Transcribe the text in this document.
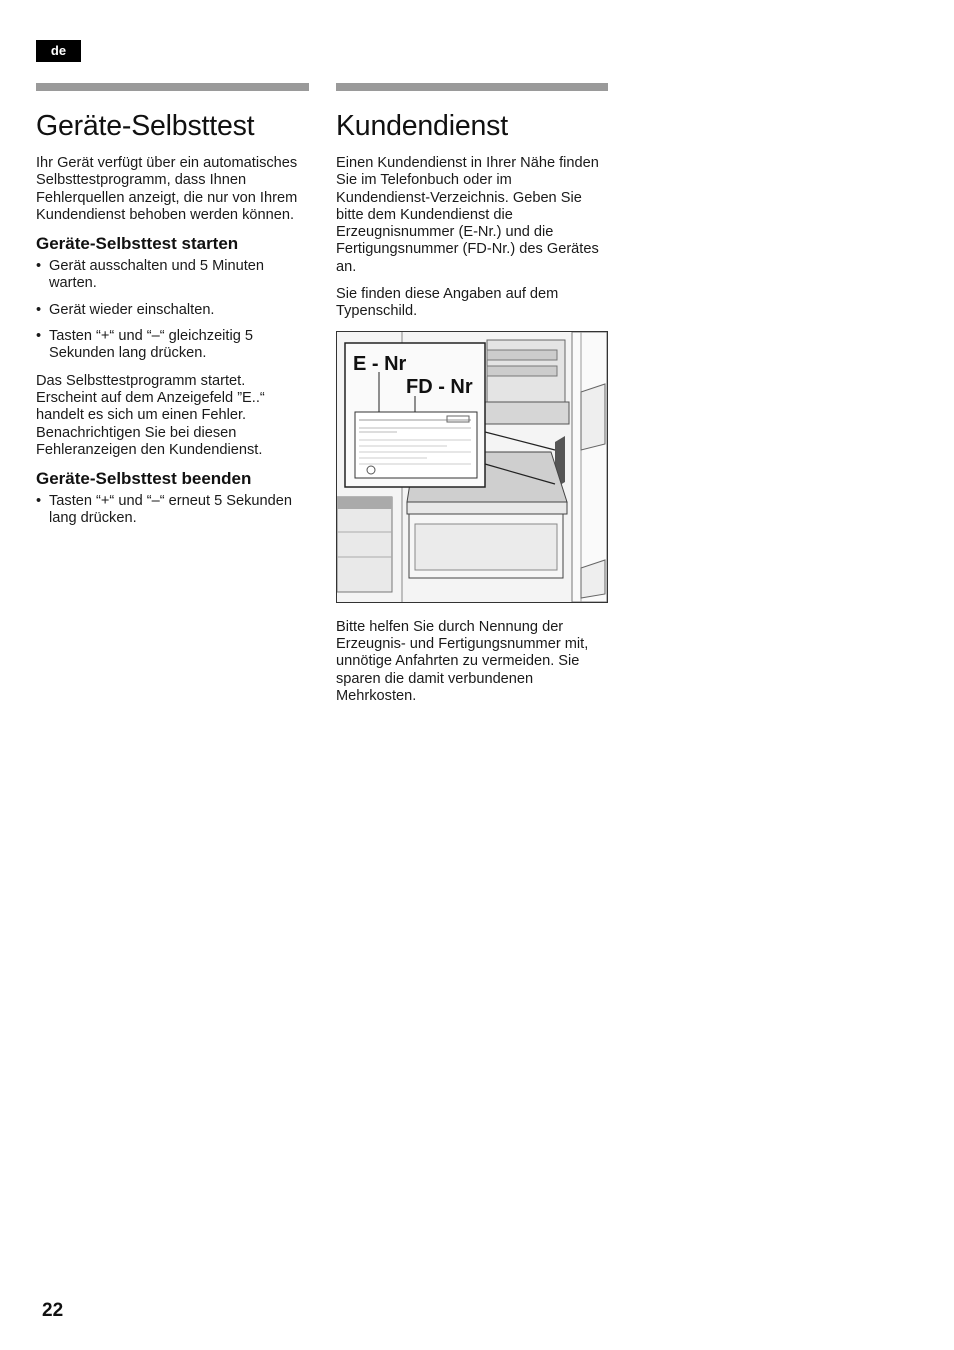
de
Geräte-Selbsttest

Ihr Gerät verfügt über ein automatisches Selbsttestprogramm, dass Ihnen Fehlerquellen anzeigt, die nur von Ihrem Kundendienst behoben werden können.

Geräte-Selbsttest starten
• Gerät ausschalten und 5 Minuten warten.
• Gerät wieder einschalten.
• Tasten “+“ und “–“ gleichzeitig 5 Sekunden lang drücken.

Das Selbsttestprogramm startet. Erscheint auf dem Anzeigefeld ”E..“ handelt es sich um einen Fehler. Benachrichtigen Sie bei diesen Fehleranzeigen den Kundendienst.

Geräte-Selbsttest beenden
• Tasten “+“ und “–“ erneut 5 Sekunden lang drücken.
Kundendienst

Einen Kundendienst in Ihrer Nähe finden Sie im Telefonbuch oder im Kundendienst-Verzeichnis. Geben Sie bitte dem Kundendienst die Erzeugnisnummer (E-Nr.) und die Fertigungsnummer (FD-Nr.) des Gerätes an.

Sie finden diese Angaben auf dem Typenschild.

E - Nr
FD - Nr

Bitte helfen Sie durch Nennung der Erzeugnis- und Fertigungsnummer mit, unnötige Anfahrten zu vermeiden. Sie sparen die damit verbundenen Mehrkosten.

22
